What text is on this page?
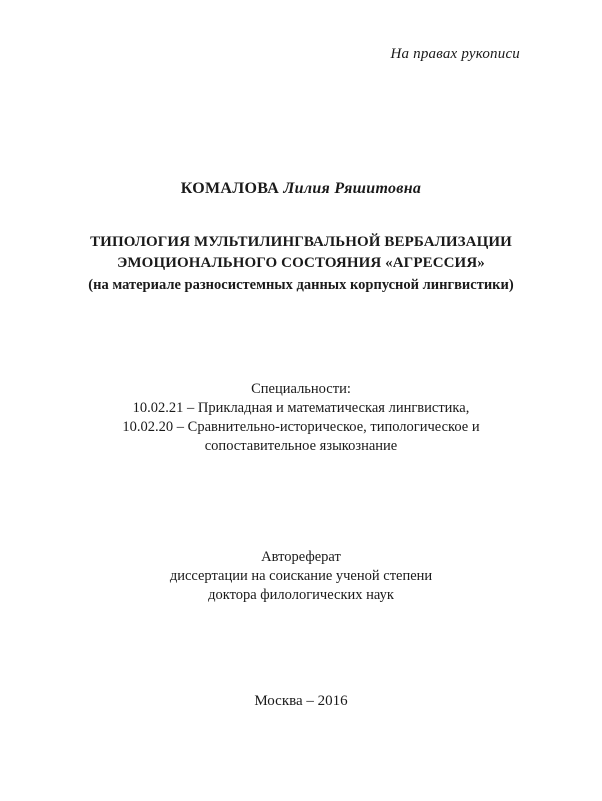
На правах рукописи
КОМАЛОВА Лилия Ряшитовна
ТИПОЛОГИЯ МУЛЬТИЛИНГВАЛЬНОЙ ВЕРБАЛИЗАЦИИ
ЭМОЦИОНАЛЬНОГО СОСТОЯНИЯ «АГРЕССИЯ»
(на материале разносистемных данных корпусной лингвистики)
Специальности:
10.02.21 – Прикладная и математическая лингвистика,
10.02.20 – Сравнительно-историческое, типологическое и
сопоставительное языкознание
Автореферат
диссертации на соискание ученой степени
доктора филологических наук
Москва – 2016
